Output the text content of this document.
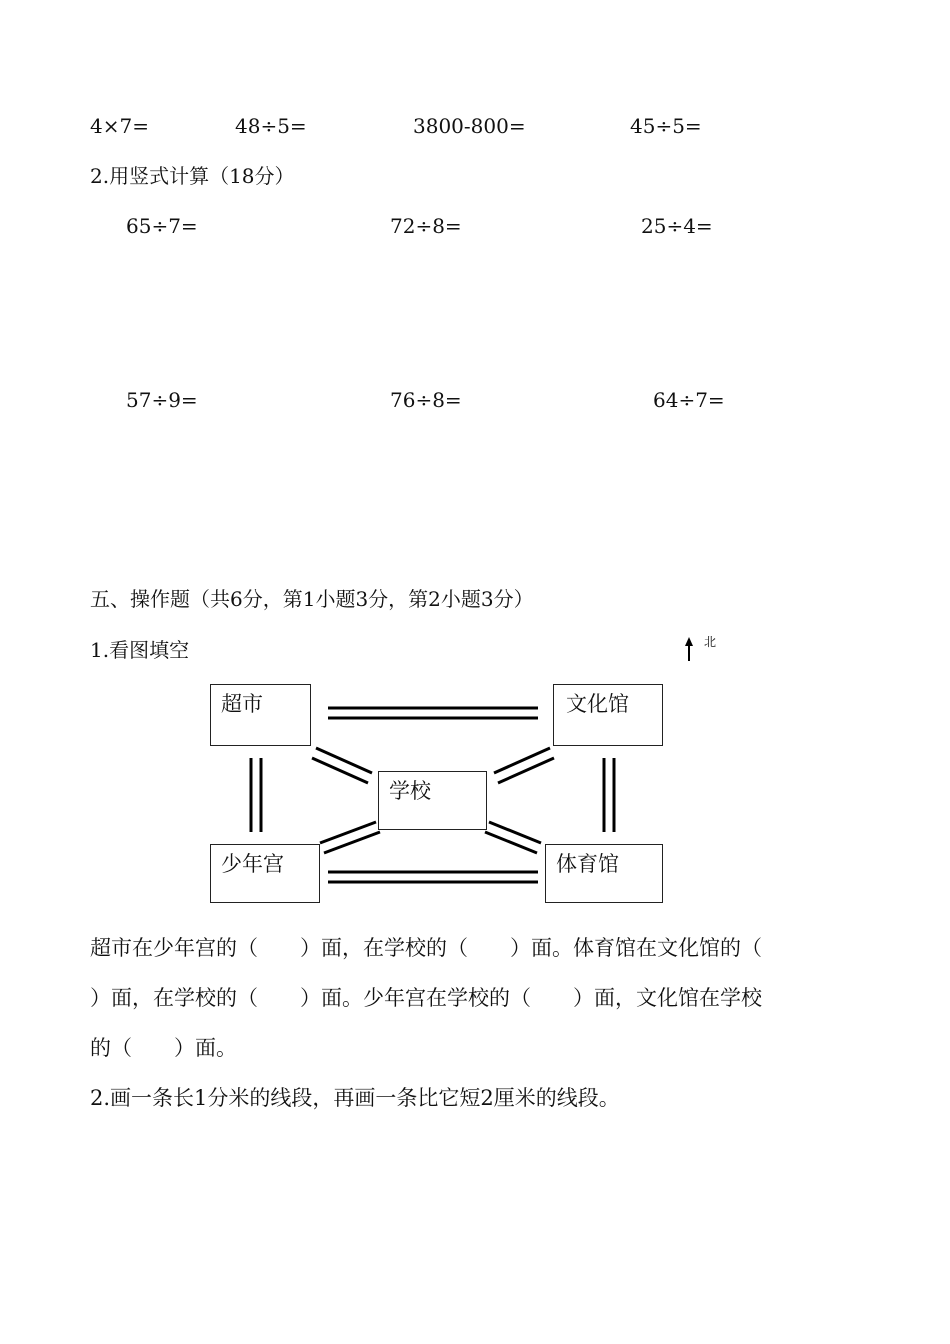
4×7=	48÷5=	3800-800=	45÷5=
2.用竖式计算（18分）
65÷7=	72÷8=	25÷4=
57÷9=	76÷8=	64÷7=
五、操作题（共6分，第1小题3分，第2小题3分）
1.看图填空	北
超市	文化馆
学校
少年宫	体育馆
超市在少年宫的（　　）面，在学校的（　　）面。体育馆在文化馆的（
）面，在学校的（　　）面。少年宫在学校的（　　）面，文化馆在学校
的（　　）面。
2.画一条长1分米的线段，再画一条比它短2厘米的线段。
